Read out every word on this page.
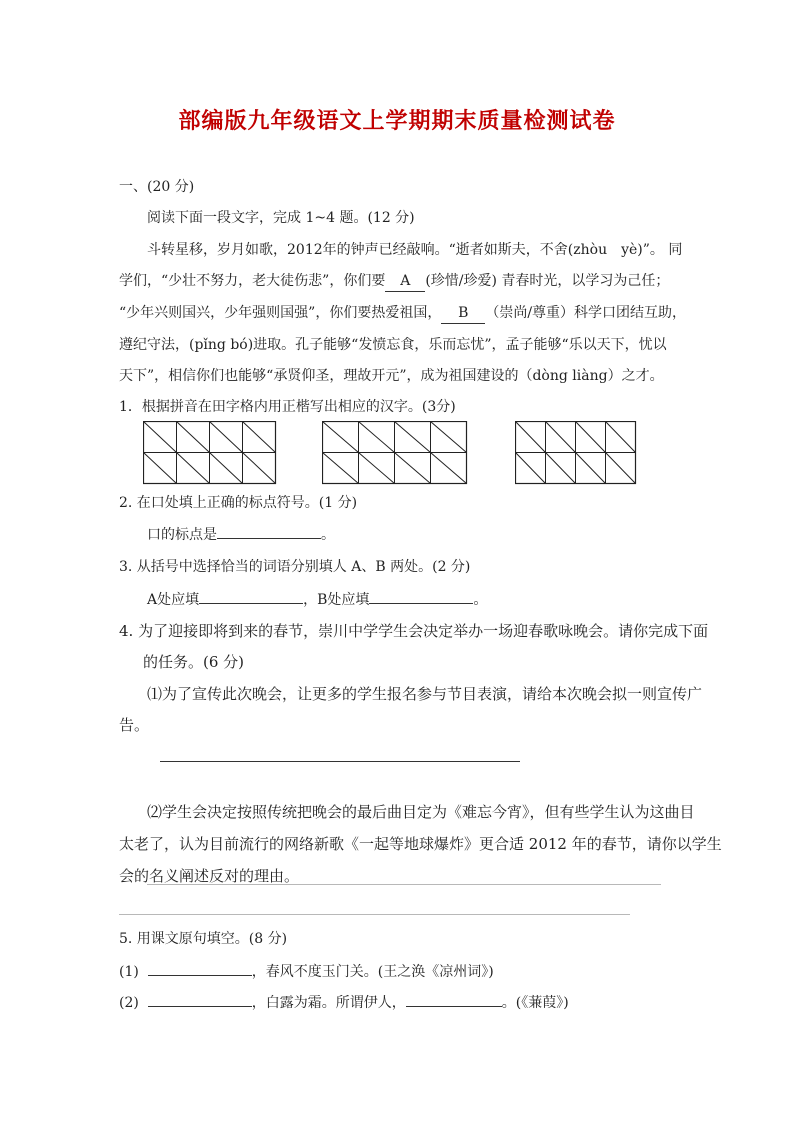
部编版九年级语文上学期期末质量检测试卷
一、(20 分)
阅读下面一段文字，完成 1~4 题。(12 分)
斗转星移，岁月如歌，2012年的钟声已经敲响。“逝者如斯夫，不舍(zhòu　yè)”。 同
学们，“少壮不努力，老大徒伤悲”，你们要 A (珍惜/珍爱) 青春时光，以学习为己任；
“少年兴则国兴，少年强则国强”，你们要热爱祖国， B （崇尚/尊重）科学口团结互助，
遵纪守法，(pǐng bó)进取。孔子能够“发愤忘食，乐而忘忧”，孟子能够“乐以天下，忧以
天下”，相信你们也能够“承贤仰圣，理故开元”，成为祖国建设的（dòng liàng）之才。
1．根据拼音在田字格内用正楷写出相应的汉字。(3分)
2. 在口处填上正确的标点符号。(1 分)
口的标点是	。
3. 从括号中选择恰当的词语分别填人 A、B 两处。(2 分)
A处应填	，B处应填	。
4. 为了迎接即将到来的春节，崇川中学学生会决定举办一场迎春歌咏晚会。请你完成下面
的任务。(6 分)
⑴为了宣传此次晚会，让更多的学生报名参与节目表演，请给本次晚会拟一则宣传广
告。
⑵学生会决定按照传统把晚会的最后曲目定为《难忘今宵》，但有些学生认为这曲目
太老了，认为目前流行的网络新歌《一起等地球爆炸》更合适 2012 年的春节，请你以学生
会的名义阐述反对的理由。
5. 用课文原句填空。(8 分)
(1)	，春风不度玉门关。(王之涣《凉州词》)
(2)	，白露为霜。所谓伊人，	。(《蒹葭》)
